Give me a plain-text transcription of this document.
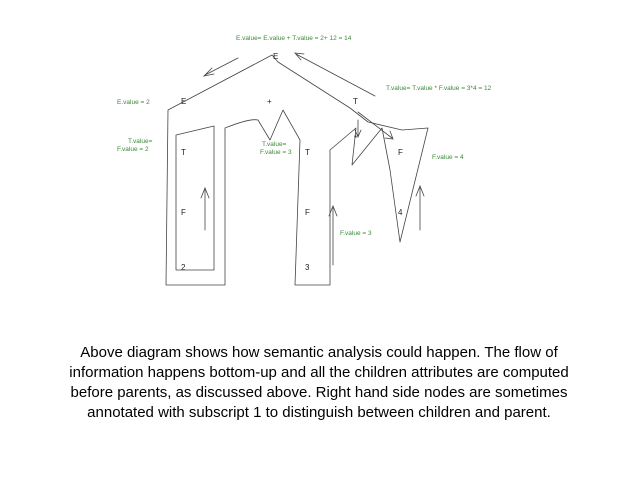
E
E	+	T
T	T
*
F
F	F
2	3
4
E.value= E.value + T.value = 2+ 12 = 14
T.value= T.value * F.value = 3*4 = 12
E.value = 2
T.value=
F.value = 2
T.value=
F.value = 3
F.value = 4
F.value = 3
Above diagram shows how semantic analysis could happen. The flow of
information happens bottom-up and all the children attributes are computed
before parents, as discussed above. Right hand side nodes are sometimes
annotated with subscript 1 to distinguish between children and parent.
